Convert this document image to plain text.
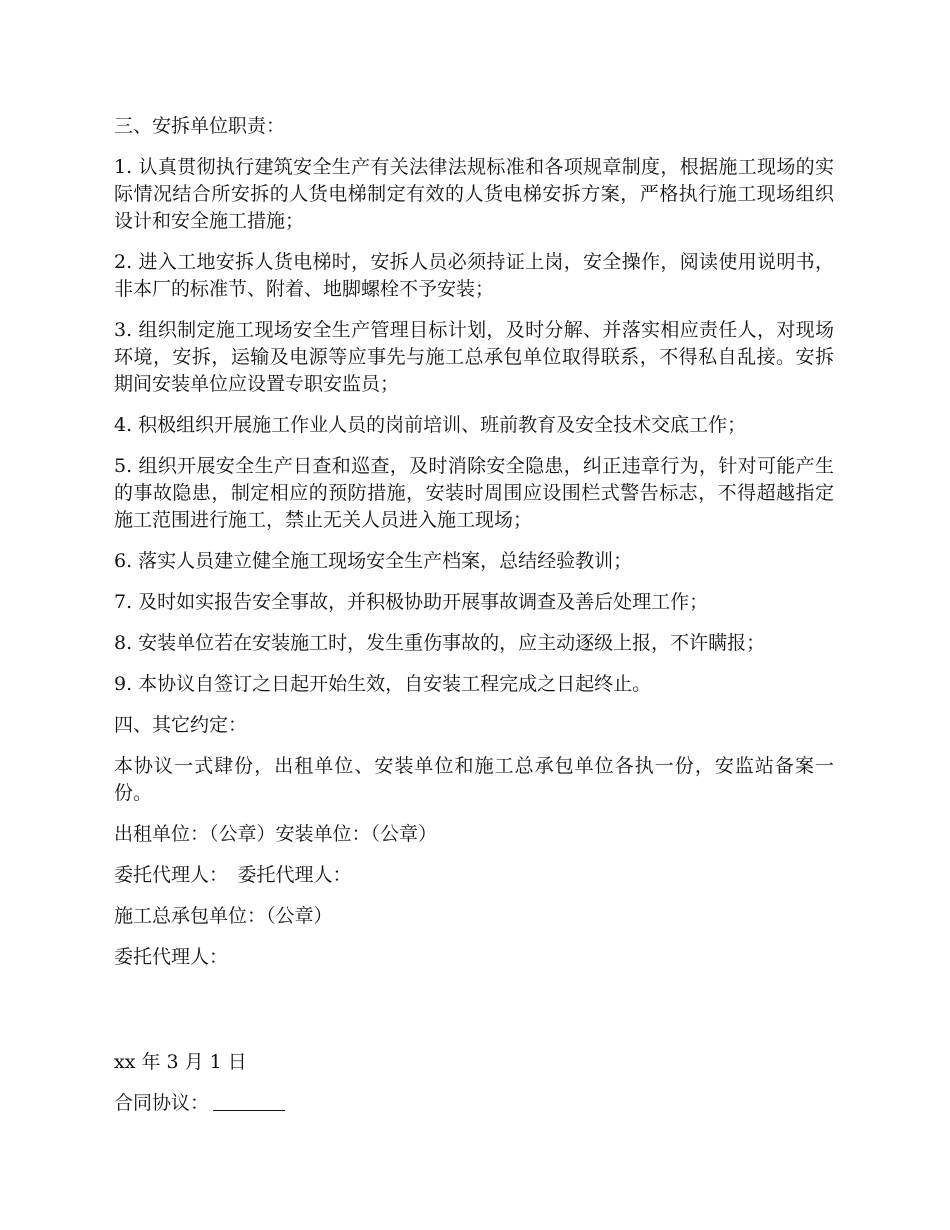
三、安拆单位职责：

1. 认真贯彻执行建筑安全生产有关法律法规标准和各项规章制度，根据施工现场的实际情况结合所安拆的人货电梯制定有效的人货电梯安拆方案，严格执行施工现场组织设计和安全施工措施；

2. 进入工地安拆人货电梯时，安拆人员必须持证上岗，安全操作，阅读使用说明书，非本厂的标准节、附着、地脚螺栓不予安装；

3. 组织制定施工现场安全生产管理目标计划，及时分解、并落实相应责任人，对现场环境，安拆，运输及电源等应事先与施工总承包单位取得联系，不得私自乱接。安拆期间安装单位应设置专职安监员；

4. 积极组织开展施工作业人员的岗前培训、班前教育及安全技术交底工作；

5. 组织开展安全生产日查和巡查，及时消除安全隐患，纠正违章行为，针对可能产生的事故隐患，制定相应的预防措施，安装时周围应设围栏式警告标志，不得超越指定施工范围进行施工，禁止无关人员进入施工现场；

6. 落实人员建立健全施工现场安全生产档案，总结经验教训；

7. 及时如实报告安全事故，并积极协助开展事故调查及善后处理工作；

8. 安装单位若在安装施工时，发生重伤事故的，应主动逐级上报，不许瞒报；

9. 本协议自签订之日起开始生效，自安装工程完成之日起终止。

四、其它约定：

本协议一式肆份，出租单位、安装单位和施工总承包单位各执一份，安监站备案一份。

出租单位：（公章）安装单位：（公章）

委托代理人：　委托代理人：

施工总承包单位：（公章）

委托代理人：

xx 年 3 月 1 日

合同协议：
